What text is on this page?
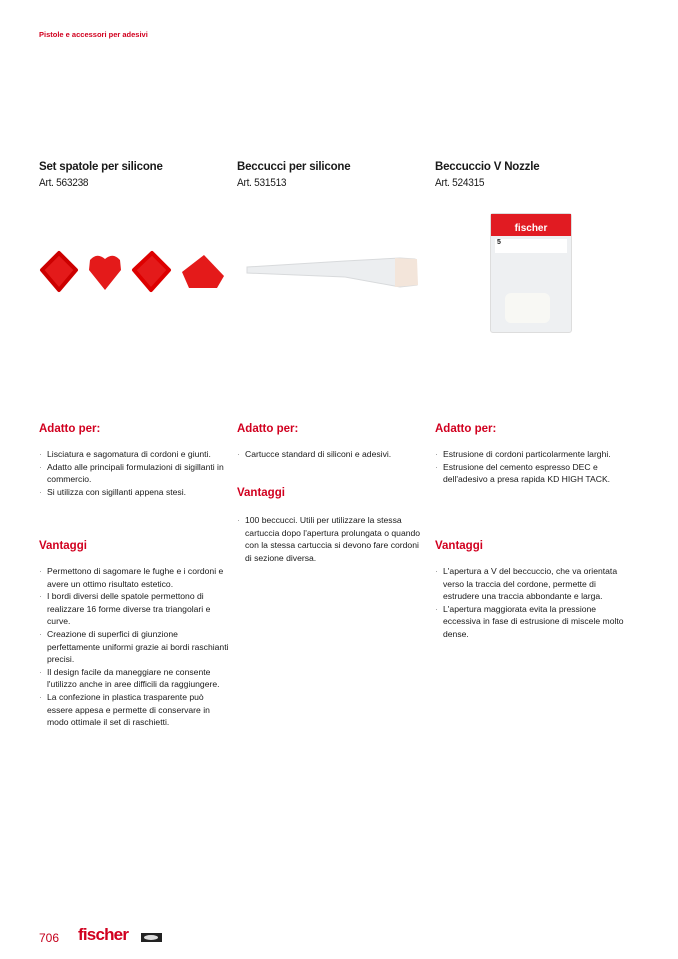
Pistole e accessori per adesivi
Set spatole per silicone
Art. 563238
Adatto per:
· Lisciatura e sagomatura di cordoni e giunti.
· Adatto alle principali formulazioni di sigillanti in commercio.
· Si utilizza con sigillanti appena stesi.
Vantaggi
· Permettono di sagomare le fughe e i cordoni e avere un ottimo risultato estetico.
· I bordi diversi delle spatole permettono di realizzare 16 forme diverse tra triangolari e curve.
· Creazione di superfici di giunzione perfettamente uniformi grazie ai bordi raschianti precisi.
· Il design facile da maneggiare ne consente l'utilizzo anche in aree difficili da raggiungere.
· La confezione in plastica trasparente può essere appesa e permette di conservare in modo ottimale il set di raschietti.
Beccucci per silicone
Art. 531513
Adatto per:
· Cartucce standard di siliconi e adesivi.
Vantaggi
· 100 beccucci. Utili per utilizzare la stessa cartuccia dopo l'apertura prolungata o quando con la stessa cartuccia si devono fare cordoni di sezione diversa.
Beccuccio V Nozzle
Art. 524315
fischer
5
Adatto per:
· Estrusione di cordoni particolarmente larghi.
· Estrusione del cemento espresso DEC e dell'adesivo a presa rapida KD HIGH TACK.
Vantaggi
· L'apertura a V del beccuccio, che va orientata verso la traccia del cordone, permette di estrudere una traccia abbondante e larga.
· L'apertura maggiorata evita la pressione eccessiva in fase di estrusione di miscele molto dense.
706 fischer
